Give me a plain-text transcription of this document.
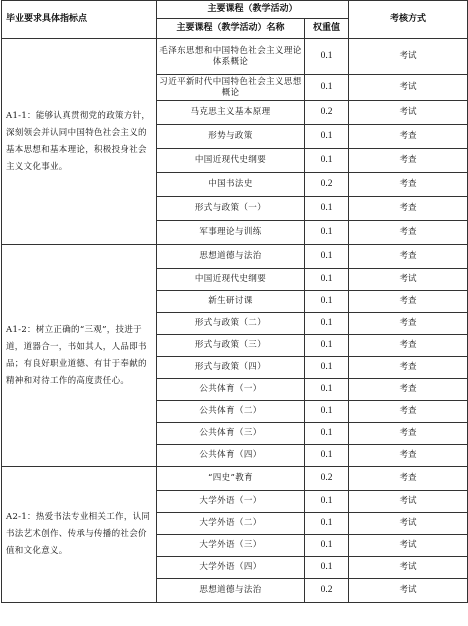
毕业要求具体指标点	主要课程（教学活动）		考核方式
	主要课程（教学活动）名称	权重值	
A1-1：能够认真贯彻党的政策方针，深刻领会并认同中国特色社会主义的基本思想和基本理论，积极投身社会主义文化事业。	毛泽东思想和中国特色社会主义理论体系概论	0.1	考试
	习近平新时代中国特色社会主义思想概论	0.1	考试
	马克思主义基本原理	0.2	考试
	形势与政策	0.1	考查
	中国近现代史纲要	0.1	考查
	中国书法史	0.2	考查
	形式与政策（一）	0.1	考查
	军事理论与训练	0.1	考查
A1-2：树立正确的“三观”，技进于道，道器合一，书如其人，人品即书品；有良好职业道德、有甘于奉献的精神和对待工作的高度责任心。	思想道德与法治	0.1	考查
	中国近现代史纲要	0.1	考试
	新生研讨课	0.1	考查
	形式与政策（二）	0.1	考查
	形式与政策（三）	0.1	考查
	形式与政策（四）	0.1	考查
	公共体育（一）	0.1	考查
	公共体育（二）	0.1	考查
	公共体育（三）	0.1	考查
	公共体育（四）	0.1	考查
A2-1：热爱书法专业相关工作，认同书法艺术创作、传承与传播的社会价值和文化意义。	“四史”教育	0.2	考查
	大学外语（一）	0.1	考试
	大学外语（二）	0.1	考试
	大学外语（三）	0.1	考试
	大学外语（四）	0.1	考试
	思想道德与法治	0.2	考试
